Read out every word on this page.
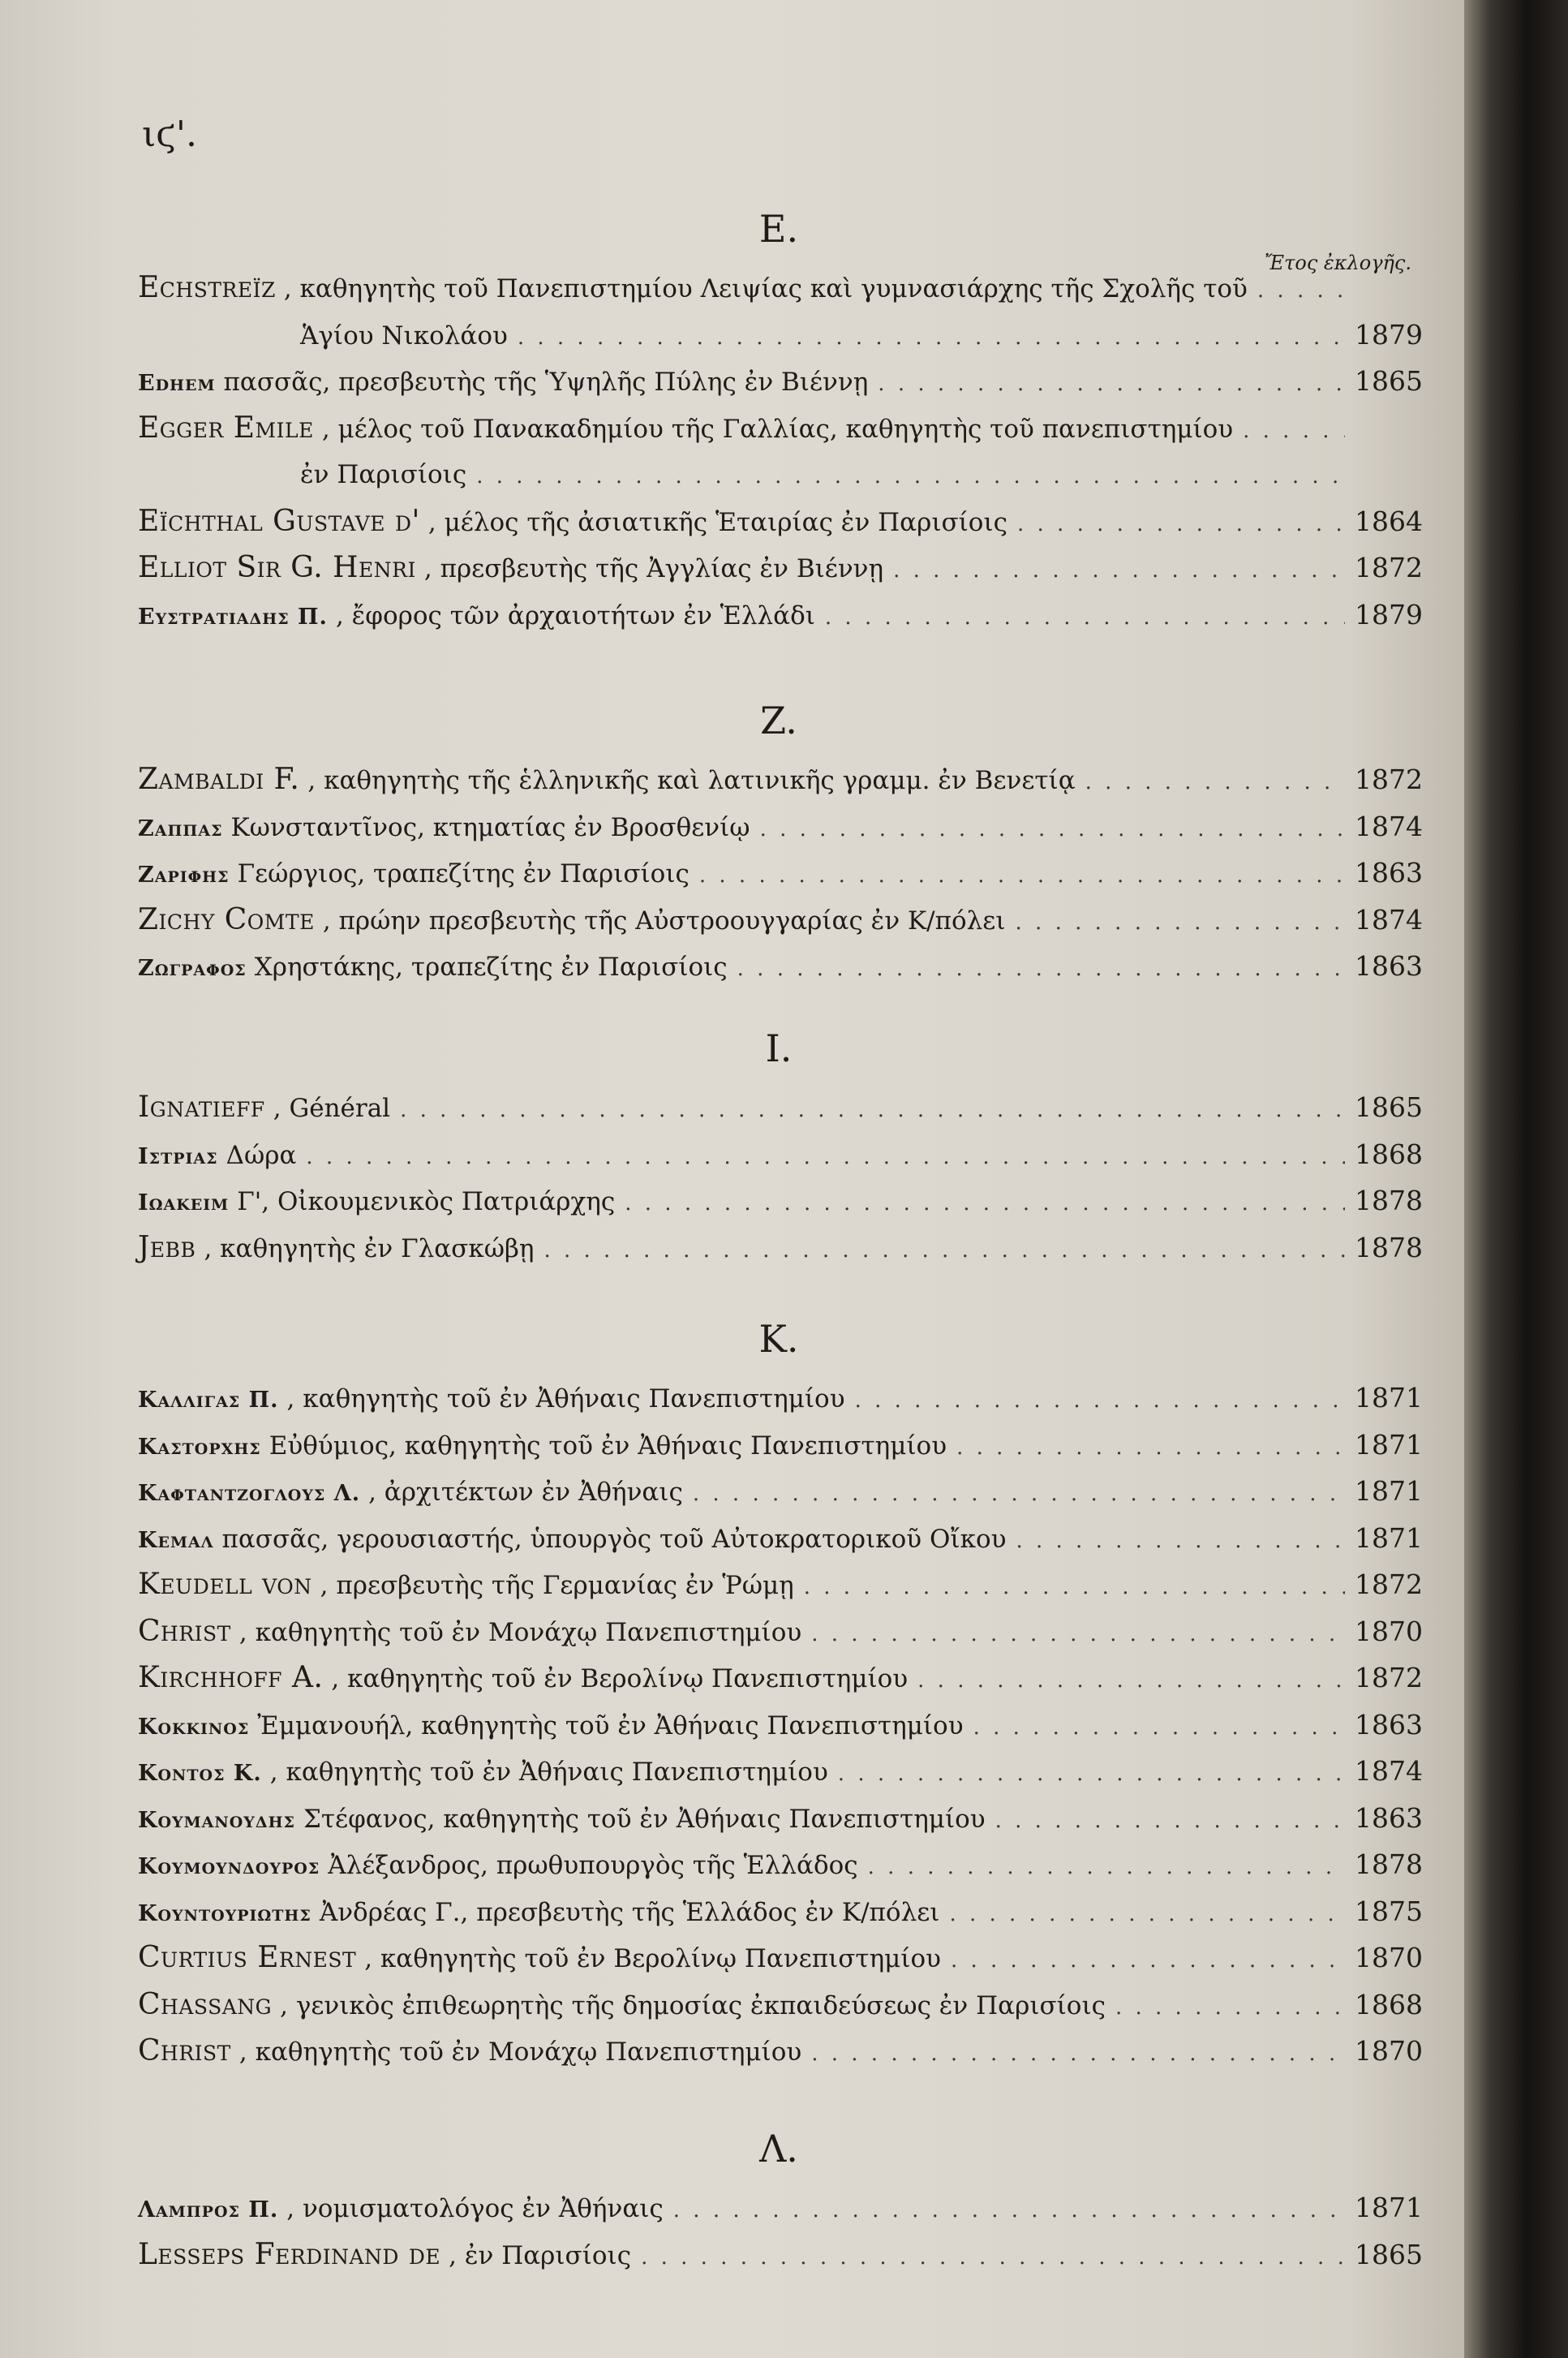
ιϛ'.
E.
Ἔτος ἐκλογῆς.
Echstreïz , καθηγητὴς τοῦ Πανεπιστημίου Λειψίας καὶ γυμνασιάρχης τῆς Σχολῆς τοῦ
. . .
Ἁγίου Νικολάου . . .	1879
Edhem πασσᾶς, πρεσβευτὴς τῆς Ὑψηλῆς Πύλης ἐν Βιέννῃ . . .	1865
Egger Emile , μέλος τοῦ Πανακαδημίου τῆς Γαλλίας, καθηγητὴς τοῦ πανεπιστημίου
. . .
ἐν Παρισίοις
. . .
Eïchthal Gustave d' , μέλος τῆς ἀσιατικῆς Ἑταιρίας ἐν Παρισίοις . . .	1864
Elliot Sir G. Henri , πρεσβευτὴς τῆς Ἀγγλίας ἐν Βιέννῃ . . .	1872
Ευστρατιαδης Π. , ἔφορος τῶν ἀρχαιοτήτων ἐν Ἑλλάδι . . .	1879
Z.
Zambaldi F. , καθηγητὴς τῆς ἑλληνικῆς καὶ λατινικῆς γραμμ. ἐν Βενετίᾳ . . .	1872
Ζαππας Κωνσταντῖνος, κτηματίας ἐν Βροσθενίῳ . . .	1874
Ζαριφης Γεώργιος, τραπεζίτης ἐν Παρισίοις . . .	1863
Zichy Comte , πρώην πρεσβευτὴς τῆς Αὐστροουγγαρίας ἐν Κ/πόλει . . .	1874
Ζωγραφος Χρηστάκης, τραπεζίτης ἐν Παρισίοις . . .	1863
I.
Ignatieff , Général . . .	1865
Ιστριας Δώρα . . .	1868
Ιωακειμ Γ', Οἰκουμενικὸς Πατριάρχης . . .	1878
Jebb , καθηγητὴς ἐν Γλασκώβῃ . . .	1878
K.
Καλλιγας Π. , καθηγητὴς τοῦ ἐν Ἀθήναις Πανεπιστημίου . . .	1871
Καστορχης Εὐθύμιος, καθηγητὴς τοῦ ἐν Ἀθήναις Πανεπιστημίου . . .	1871
Καφταντζογλους Λ. , ἀρχιτέκτων ἐν Ἀθήναις . . .	1871
Κεμαλ πασσᾶς, γερουσιαστής, ὑπουργὸς τοῦ Αὐτοκρατορικοῦ Οἴκου . . .	1871
Keudell von , πρεσβευτὴς τῆς Γερμανίας ἐν Ῥώμῃ . . .	1872
Christ , καθηγητὴς τοῦ ἐν Μονάχῳ Πανεπιστημίου . . .	1870
Kirchhoff A. , καθηγητὴς τοῦ ἐν Βερολίνῳ Πανεπιστημίου . . .	1872
Κοκκινος Ἐμμανουήλ, καθηγητὴς τοῦ ἐν Ἀθήναις Πανεπιστημίου . . .	1863
Κοντος Κ. , καθηγητὴς τοῦ ἐν Ἀθήναις Πανεπιστημίου . . .	1874
Κουμανουδης Στέφανος, καθηγητὴς τοῦ ἐν Ἀθήναις Πανεπιστημίου . . .	1863
Κουμουνδουρος Ἀλέξανδρος, πρωθυπουργὸς τῆς Ἑλλάδος . . .	1878
Κουντουριωτης Ἀνδρέας Γ., πρεσβευτὴς τῆς Ἑλλάδος ἐν Κ/πόλει . . .	1875
Curtius Ernest , καθηγητὴς τοῦ ἐν Βερολίνῳ Πανεπιστημίου . . .	1870
Chassang , γενικὸς ἐπιθεωρητὴς τῆς δημοσίας ἐκπαιδεύσεως ἐν Παρισίοις . . .	1868
Christ , καθηγητὴς τοῦ ἐν Μονάχῳ Πανεπιστημίου . . .	1870
Λ.
Λαμπρος Π. , νομισματολόγος ἐν Ἀθήναις . . .	1871
Lesseps Ferdinand de , ἐν Παρισίοις . . .	1865
